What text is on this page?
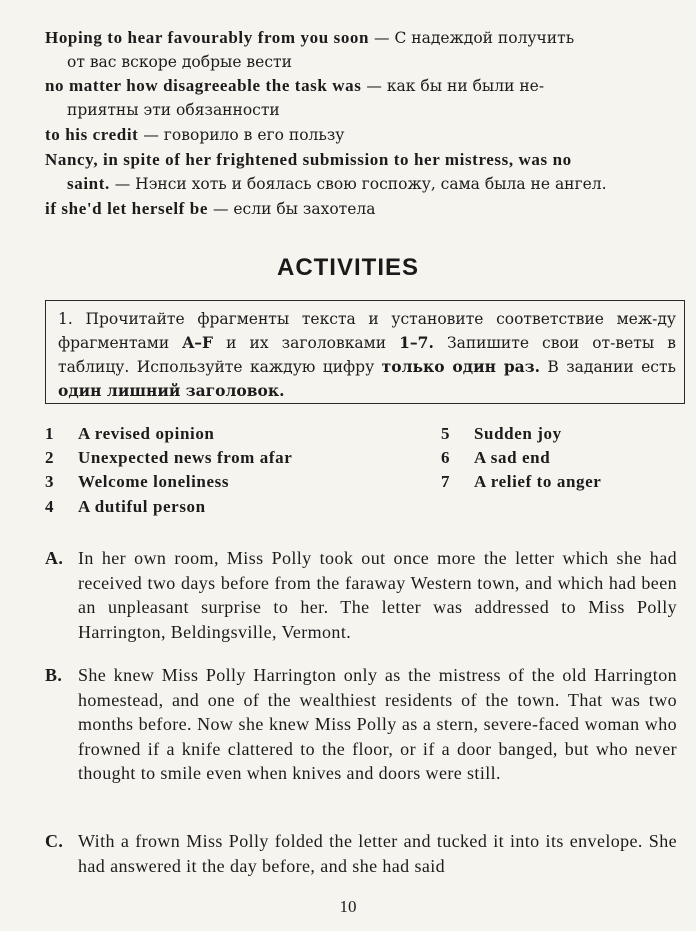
Hoping to hear favourably from you soon — С надеждой получить
от вас вскоре добрые вести
no matter how disagreeable the task was — как бы ни были не-
приятны эти обязанности
to his credit — говорило в его пользу
Nancy, in spite of her frightened submission to her mistress, was no
saint. — Нэнси хоть и боялась свою госпожу, сама была не ангел.
if she'd let herself be — если бы захотела
ACTIVITIES
1. Прочитайте фрагменты текста и установите соответствие меж-ду фрагментами A–F и их заголовками 1–7. Запишите свои от-веты в таблицу. Используйте каждую цифру только один раз. В задании есть один лишний заголовок.
1 A revised opinion
2 Unexpected news from afar
3 Welcome loneliness
4 A dutiful person
5 Sudden joy
6 A sad end
7 A relief to anger
A. In her own room, Miss Polly took out once more the letter which she had received two days before from the faraway Western town, and which had been an unpleasant surprise to her. The letter was addressed to Miss Polly Harrington, Beldingsville, Vermont.
B. She knew Miss Polly Harrington only as the mistress of the old Harrington homestead, and one of the wealthiest residents of the town. That was two months before. Now she knew Miss Polly as a stern, severe-faced woman who frowned if a knife clattered to the floor, or if a door banged, but who never thought to smile even when knives and doors were still.
C. With a frown Miss Polly folded the letter and tucked it into its envelope. She had answered it the day before, and she had said
10
